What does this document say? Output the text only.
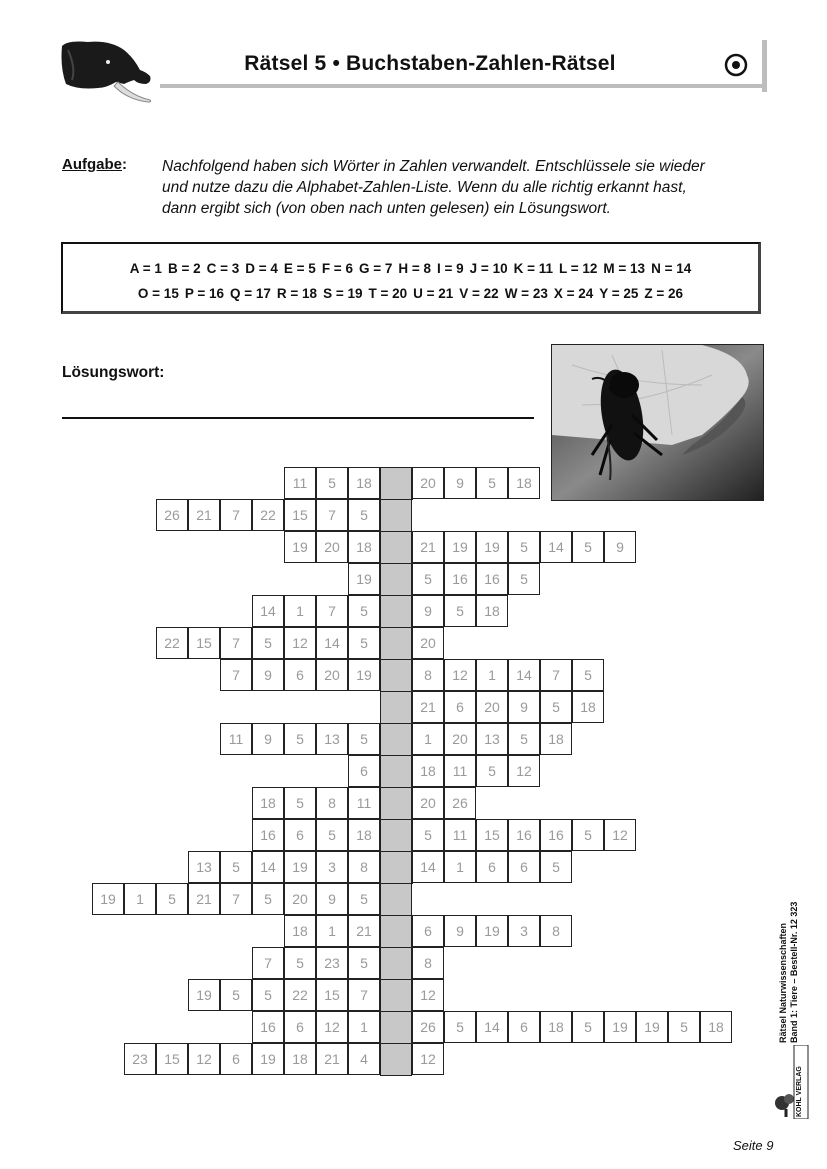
Rätsel 5 • Buchstaben-Zahlen-Rätsel
Aufgabe: Nachfolgend haben sich Wörter in Zahlen verwandelt. Entschlüssele sie wieder
und nutze dazu die Alphabet-Zahlen-Liste. Wenn du alle richtig erkannt hast,
dann ergibt sich (von oben nach unten gelesen) ein Lösungswort.
A = 1 B = 2 C = 3 D = 4 E = 5 F = 6 G = 7 H = 8 I = 9 J = 10 K = 11 L = 12 M = 13 N = 14
O = 15 P = 16 Q = 17 R = 18 S = 19 T = 20 U = 21 V = 22 W = 23 X = 24 Y = 25 Z = 26
Lösungswort:
11	5	18	20	9	5	18
26	21	7	22	15	7	5
19	20	18	21	19	19	5	14	5	9
19	5	16	16	5
14	1	7	5	9	5	18
22	15	7	5	12	14	5	20
7	9	6	20	19	8	12	1	14	7	5
21	6	20	9	5	18
11	9	5	13	5	1	20	13	5	18
6	18	11	5	12
18	5	8	11	20	26
16	6	5	18	5	11	15	16	16	5	12
13	5	14	19	3	8	14	1	6	6	5
19	1	5	21	7	5	20	9	5
18	1	21	6	9	19	3	8
7	5	23	5	8
19	5	5	22	15	7	12
16	6	12	1	26	5	14	6	18	5	19	19	5	18
23	15	12	6	19	18	21	4	12
Rätsel Naturwissenschaften Band 1: Tiere – Bestell-Nr. 12 323
KOHL VERLAG
Seite 9
